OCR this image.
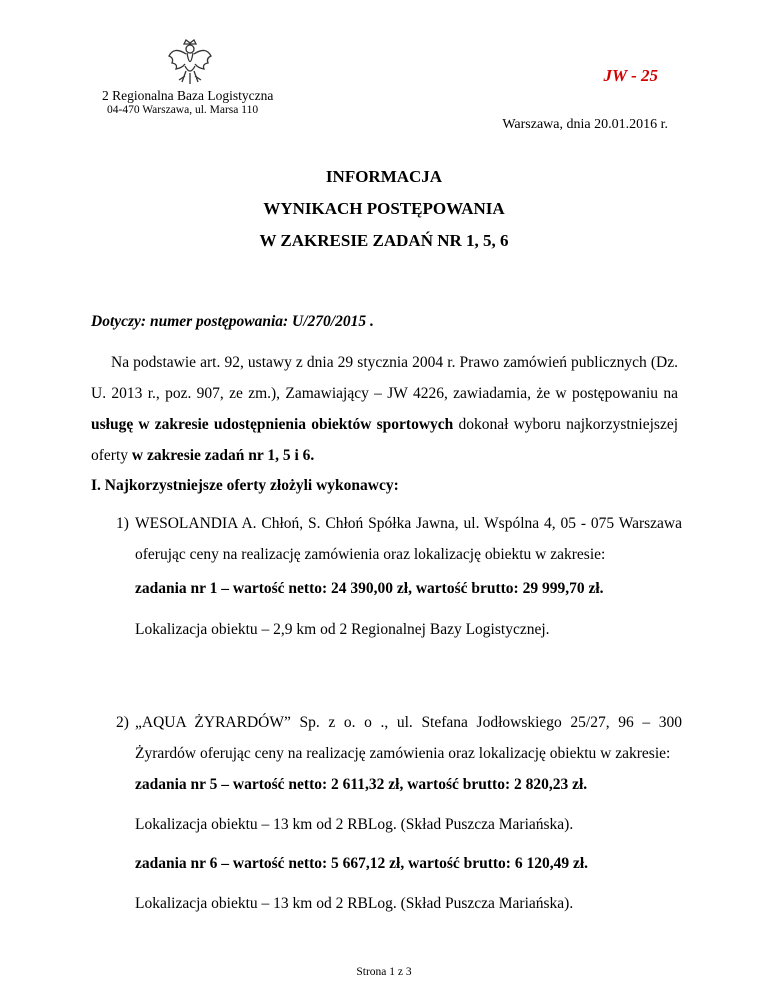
JW - 25
2 Regionalna Baza Logistyczna
04-470 Warszawa, ul. Marsa 110
Warszawa, dnia 20.01.2016 r.
INFORMACJA
WYNIKACH POSTĘPOWANIA
W ZAKRESIE ZADAŃ NR 1, 5, 6
Dotyczy: numer postępowania: U/270/2015 .
Na podstawie art. 92, ustawy z dnia 29 stycznia 2004 r. Prawo zamówień publicznych (Dz. U. 2013 r., poz. 907, ze zm.), Zamawiający – JW 4226, zawiadamia, że w postępowaniu na usługę w zakresie udostępnienia obiektów sportowych dokonał wyboru najkorzystniejszej oferty w zakresie zadań nr 1, 5 i 6.
I. Najkorzystniejsze oferty złożyli wykonawcy:
1) WESOLANDIA A. Chłoń, S. Chłoń Spółka Jawna, ul. Wspólna 4, 05 - 075 Warszawa oferując ceny na realizację zamówienia oraz lokalizację obiektu w zakresie:
zadania nr 1 – wartość netto: 24 390,00 zł, wartość brutto: 29 999,70 zł.
Lokalizacja obiektu – 2,9 km od 2 Regionalnej Bazy Logistycznej.
2) „AQUA ŻYRARDÓW” Sp. z o. o ., ul. Stefana Jodłowskiego 25/27, 96 – 300 Żyrardów oferując ceny na realizację zamówienia oraz lokalizację obiektu w zakresie:
zadania nr 5 – wartość netto: 2 611,32 zł, wartość brutto: 2 820,23 zł.
Lokalizacja obiektu – 13 km od 2 RBLog. (Skład Puszcza Mariańska).
zadania nr 6 – wartość netto: 5 667,12 zł, wartość brutto: 6 120,49 zł.
Lokalizacja obiektu – 13 km od 2 RBLog. (Skład Puszcza Mariańska).
Strona 1 z 3
